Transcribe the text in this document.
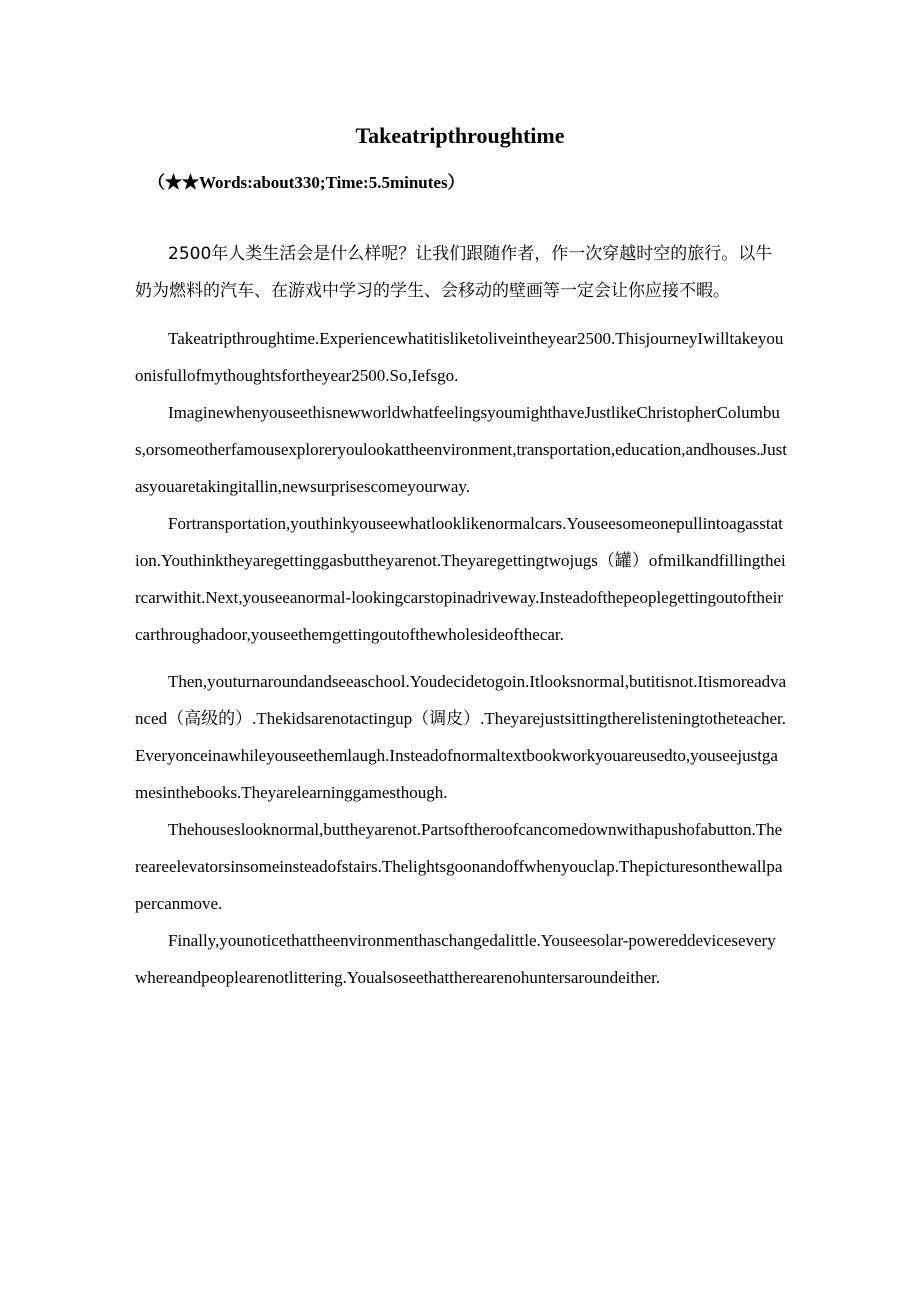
Takeatripthroughtime

（★★Words:about330;Time:5.5minutes）

2500年人类生活会是什么样呢？让我们跟随作者，作一次穿越时空的旅行。以牛奶为燃料的汽车、在游戏中学习的学生、会移动的壁画等一定会让你应接不暇。

Takeatripthroughtime.Experiencewhatitisliketoliveintheyear2500.ThisjourneyIwilltakeyouonisfullofmythoughtsfortheyear2500.So,Iefsgo.

ImaginewhenyouseethisnewworldwhatfeelingsyoumighthaveJustlikeChristopherColumbus,orsomeotherfamousexploreryoulookattheenvironment,transportation,education,andhouses.Justasyouaretakingitallin,newsurprisescomeyourway.

Fortransportation,youthinkyouseewhatlooklikenormalcars.Youseesomeonepullintoagasstation.Youthinktheyaregettinggasbuttheyarenot.Theyaregettingtwojugs（罐）ofmilkandfillingtheircarwithit.Next,youseeanormal-lookingcarstopinadriveway.Insteadofthepeoplegettingoutoftheircarthroughadoor,youseethemgettingoutofthewholesideofthecar.

Then,youturnaroundandseeaschool.Youdecidetogoin.Itlooksnormal,butitisnot.Itismoreadvanced（高级的）.Thekidsarenotactingup（调皮）.Theyarejustsittingtherelisteningtotheteacher.Everyonceinawhileyouseethemlaugh.Insteadofnormaltextbookworkyouareusedto,youseejustgamesinthebooks.Theyarelearninggamesthough.

Thehouseslooknormal,buttheyarenot.Partsoftheroofcancomedownwithapushofabutton.Thereareelevatorsinsomeinsteadofstairs.Thelightsgoonandoffwhenyouclap.Thepicturesonthewallpapercanmove.

Finally,younoticethattheenvironmenthaschangedalittle.Youseesolar-powereddeviceseverywhereandpeoplearenotlittering.Youalsoseethattherearenohuntersaroundeither.
